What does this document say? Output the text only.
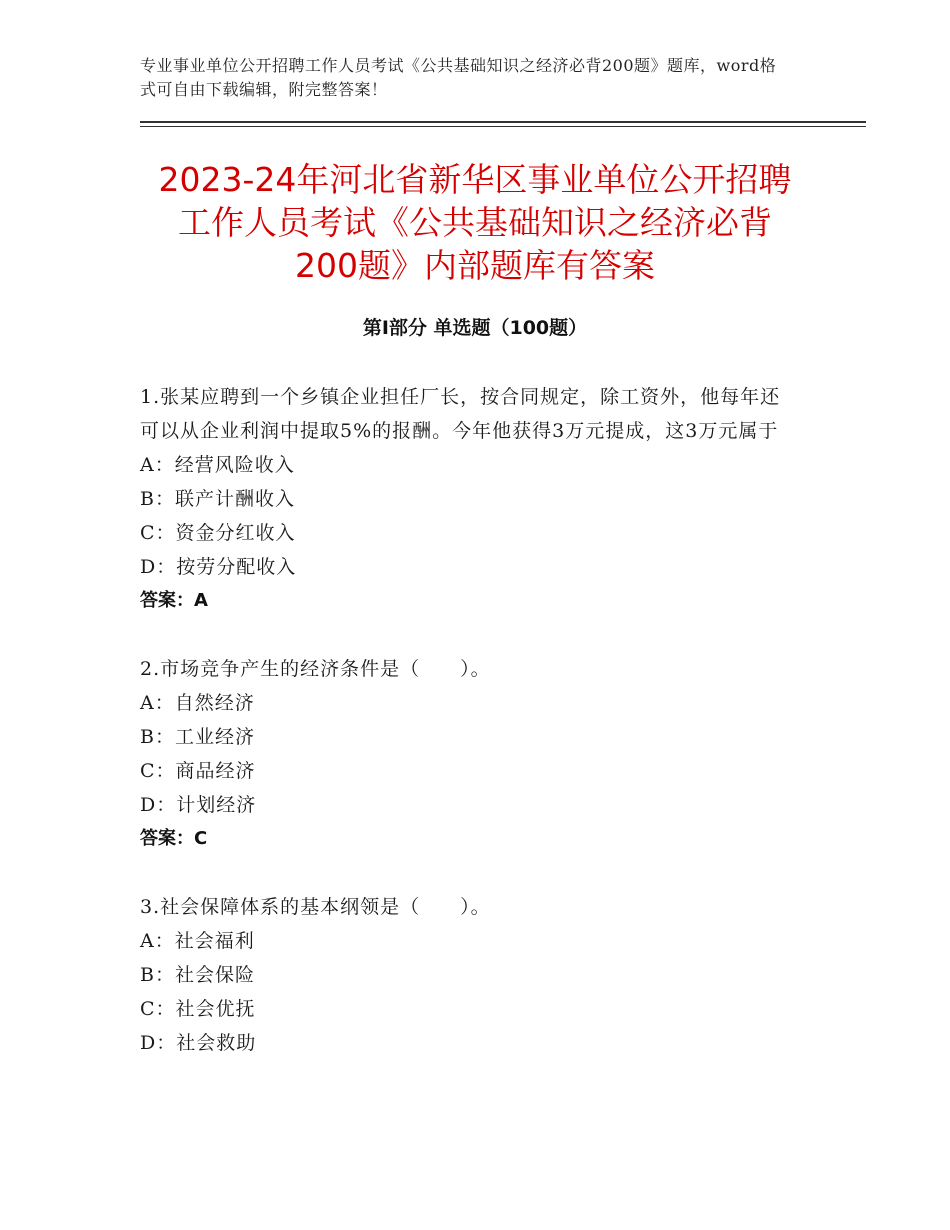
专业事业单位公开招聘工作人员考试《公共基础知识之经济必背200题》题库，word格式可自由下载编辑，附完整答案！
2023-24年河北省新华区事业单位公开招聘
工作人员考试《公共基础知识之经济必背
200题》内部题库有答案
第Ⅰ部分 单选题（100题）

1.张某应聘到一个乡镇企业担任厂长，按合同规定，除工资外，他每年还可以从企业利润中提取5%的报酬。今年他获得3万元提成，这3万元属于

A：经营风险收入

B：联产计酬收入

C：资金分红收入

D：按劳分配收入

答案：A

2.市场竞争产生的经济条件是（　　）。

A：自然经济

B：工业经济

C：商品经济

D：计划经济

答案：C

3.社会保障体系的基本纲领是（　　）。

A：社会福利

B：社会保险

C：社会优抚

D：社会救助
